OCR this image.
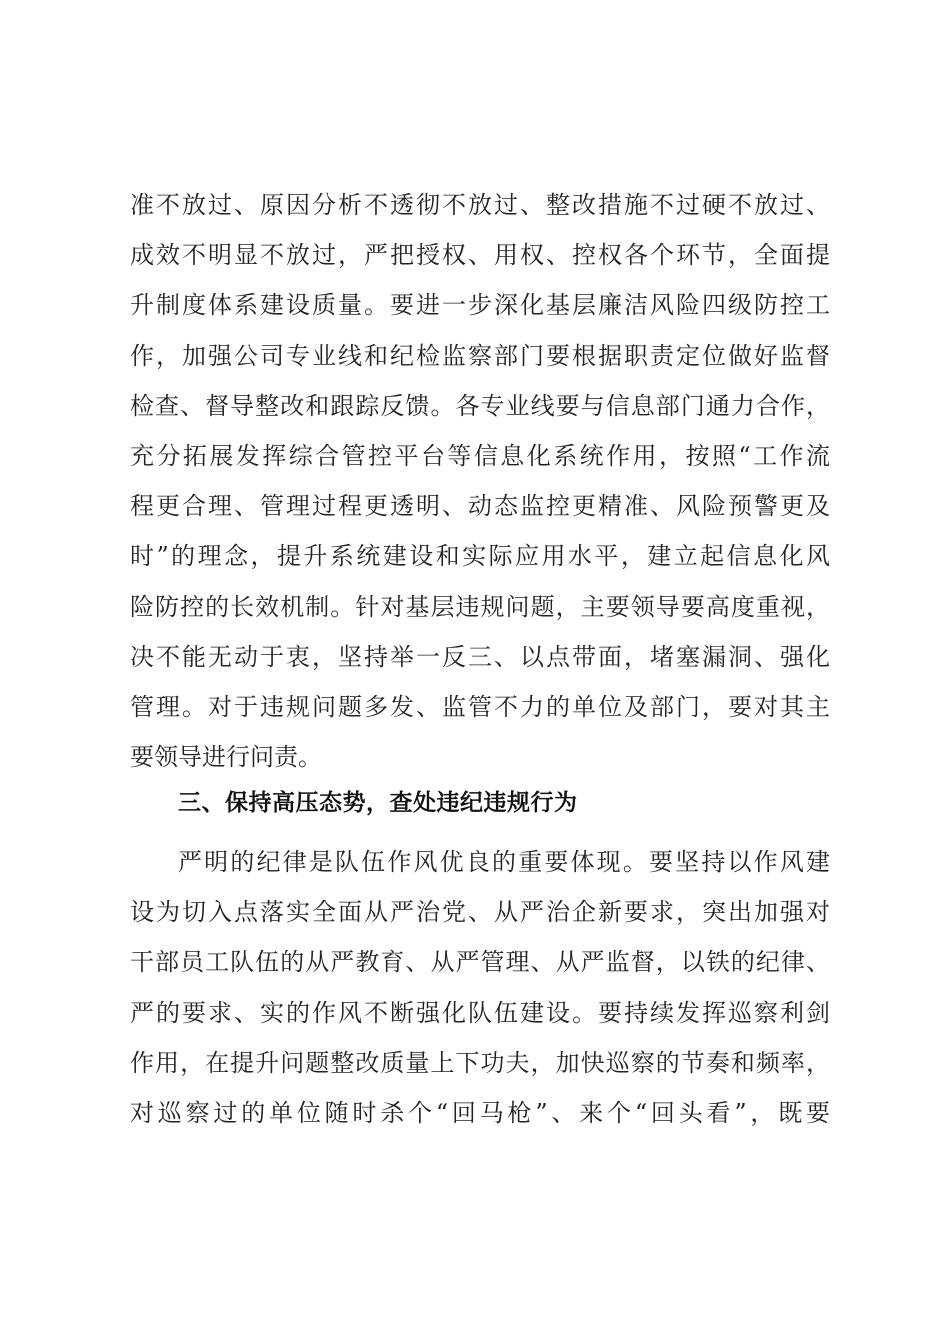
准不放过、原因分析不透彻不放过、整改措施不过硬不放过、
成效不明显不放过，严把授权、用权、控权各个环节，全面提
升制度体系建设质量。要进一步深化基层廉洁风险四级防控工
作，加强公司专业线和纪检监察部门要根据职责定位做好监督
检查、督导整改和跟踪反馈。各专业线要与信息部门通力合作，
充分拓展发挥综合管控平台等信息化系统作用，按照“工作流
程更合理、管理过程更透明、动态监控更精准、风险预警更及
时”的理念，提升系统建设和实际应用水平，建立起信息化风
险防控的长效机制。针对基层违规问题，主要领导要高度重视，
决不能无动于衷，坚持举一反三、以点带面，堵塞漏洞、强化
管理。对于违规问题多发、监管不力的单位及部门，要对其主
要领导进行问责。
三、保持高压态势，查处违纪违规行为
严明的纪律是队伍作风优良的重要体现。要坚持以作风建
设为切入点落实全面从严治党、从严治企新要求，突出加强对
干部员工队伍的从严教育、从严管理、从严监督，以铁的纪律、
严的要求、实的作风不断强化队伍建设。要持续发挥巡察利剑
作用，在提升问题整改质量上下功夫，加快巡察的节奏和频率，
对巡察过的单位随时杀个“回马枪”、来个“回头看”，既要
